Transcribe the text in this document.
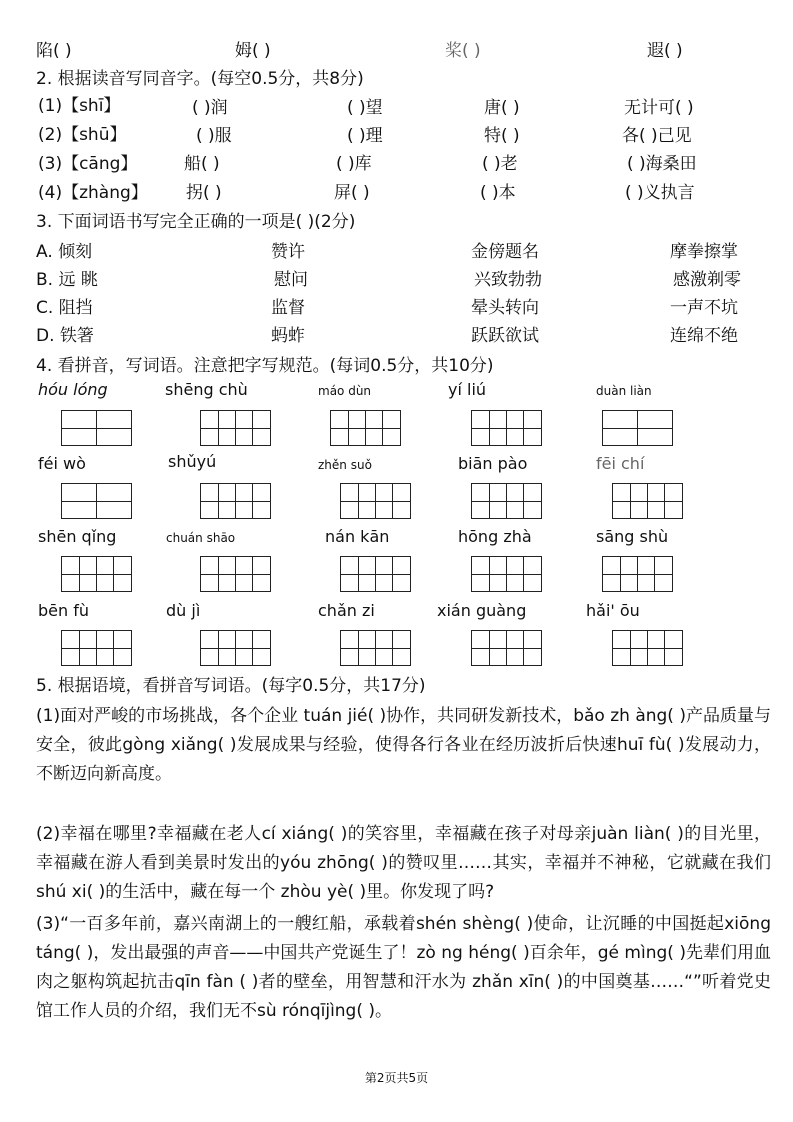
陷( )	姆( )	桨( )	遐( )
2. 根据读音写同音字。(每空0.5分，共8分)
(1)【shī】	( )润	( )望	唐( )	无计可( )
(2)【shū】	( )服	( )理	特( )	各( )己见
(3)【cāng】	船( )	( )库	( )老	( )海桑田
(4)【zhàng】 拐( )	屏( )	( )本	( )义执言
3. 下面词语书写完全正确的一项是( )(2分)
A. 倾刻	赞许	金傍题名	摩拳擦掌
B. 远 眺	慰问	兴致勃勃	感激剃零
C. 阻挡	监督	晕头转向	一声不坑
D. 铁箸	蚂蚱	跃跃欲试	连绵不绝
4. 看拼音，写词语。注意把字写规范。(每词0.5分，共10分)
hóu lóng	shēng chù	máo dùn	yí liú	duàn liàn
féi wò	shǔyú	zhěn suǒ	biān pào	fēi chí
shēn qǐng	chuán shāo	nán kān	hōng zhà	sāng shù
bēn fù	dù jì	chǎn zi	xián guàng	hǎi' ōu
5. 根据语境，看拼音写词语。(每字0.5分，共17分)
(1)面对严峻的市场挑战，各个企业 tuán jié( )协作，共同研发新技术，bǎo zh àng( )产品质量与安全，彼此gòng xiǎng( )发展成果与经验，使得各行各业在经历波折后快速huī fù( )发展动力，不断迈向新高度。
(2)幸福在哪里?幸福藏在老人cí xiáng( )的笑容里，幸福藏在孩子对母亲juàn liàn( )的目光里，幸福藏在游人看到美景时发出的yóu zhōng( )的赞叹里……其实，幸福并不神秘，它就藏在我们 shú xi( )的生活中，藏在每一个 zhòu yè( )里。你发现了吗?
(3)“一百多年前，嘉兴南湖上的一艘红船，承载着shén shèng( )使命，让沉睡的中国挺起xiōng táng( )，发出最强的声音——中国共产党诞生了！zò ng héng( )百余年，gé mìng( )先辈们用血肉之躯构筑起抗击qīn fàn ( )者的壁垒，用智慧和汗水为 zhǎn xīn( )的中国奠基……“”听着党史馆工作人员的介绍，我们无不sù rónqījìng( )。
第2页共5页
